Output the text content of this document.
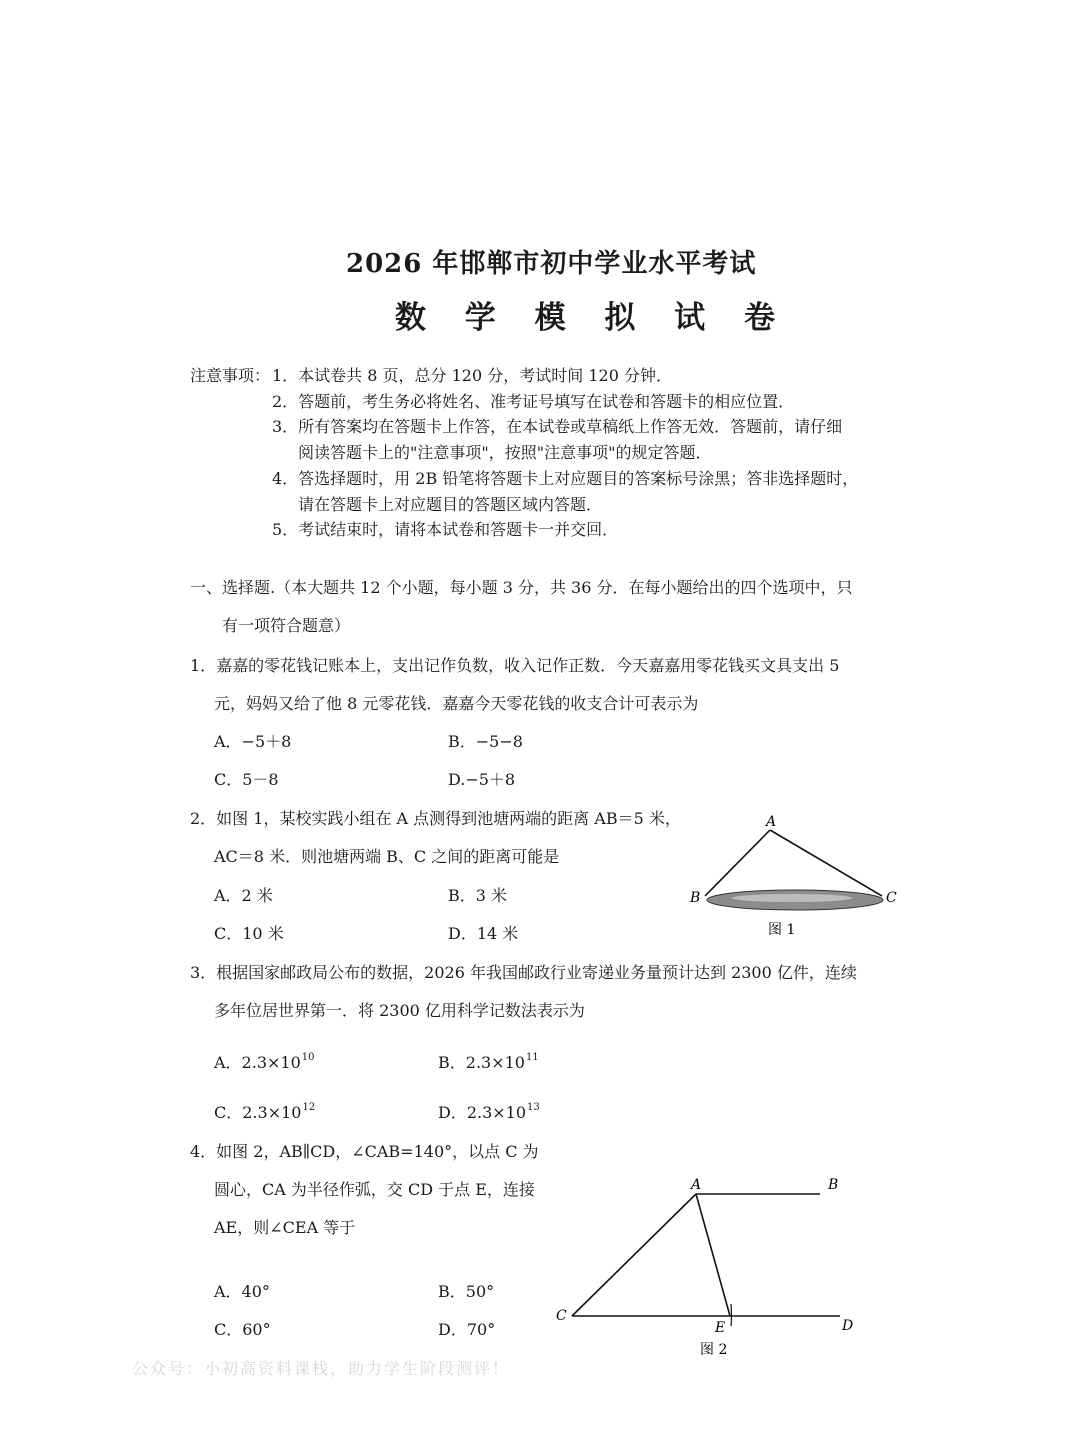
2026 年邯郸市初中学业水平考试
数 学 模 拟 试 卷
注意事项： 1．本试卷共 8 页，总分 120 分，考试时间 120 分钟．
2．答题前，考生务必将姓名、准考证号填写在试卷和答题卡的相应位置．
3．所有答案均在答题卡上作答，在本试卷或草稿纸上作答无效．答题前，请仔细
阅读答题卡上的"注意事项"，按照"注意事项"的规定答题．
4．答选择题时，用 2B 铅笔将答题卡上对应题目的答案标号涂黑；答非选择题时，
请在答题卡上对应题目的答题区域内答题．
5．考试结束时，请将本试卷和答题卡一并交回．
一、选择题.（本大题共 12 个小题，每小题 3 分，共 36 分．在每小题给出的四个选项中，只
有一项符合题意）
1．嘉嘉的零花钱记账本上，支出记作负数，收入记作正数．今天嘉嘉用零花钱买文具支出 5
元，妈妈又给了他 8 元零花钱．嘉嘉今天零花钱的收支合计可表示为
A．−5＋8	B．−5−8
C．5－8	D.−5＋8
2．如图 1，某校实践小组在 A 点测得到池塘两端的距离 AB＝5 米，
AC＝8 米．则池塘两端 B、C 之间的距离可能是
A．2 米	B．3 米
C．10 米	D．14 米
A
B	C
图 1
3．根据国家邮政局公布的数据，2026 年我国邮政行业寄递业务量预计达到 2300 亿件，连续
多年位居世界第一．将 2300 亿用科学记数法表示为
A．$2.3\times 10^{10}$	B．$2.3\times 10^{11}$
C．$2.3\times 10^{12}$	D．$2.3\times 10^{13}$
4．如图 2，AB∥CD，∠CAB=140°，以点 C 为
圆心，CA 为半径作弧，交 CD 于点 E，连接
AE，则∠CEA 等于
A．40°	B．50°
C．60°	D．70°
A	B
C
D
E
图 2
公众号：小初高资料课栈，助力学生阶段测评！
